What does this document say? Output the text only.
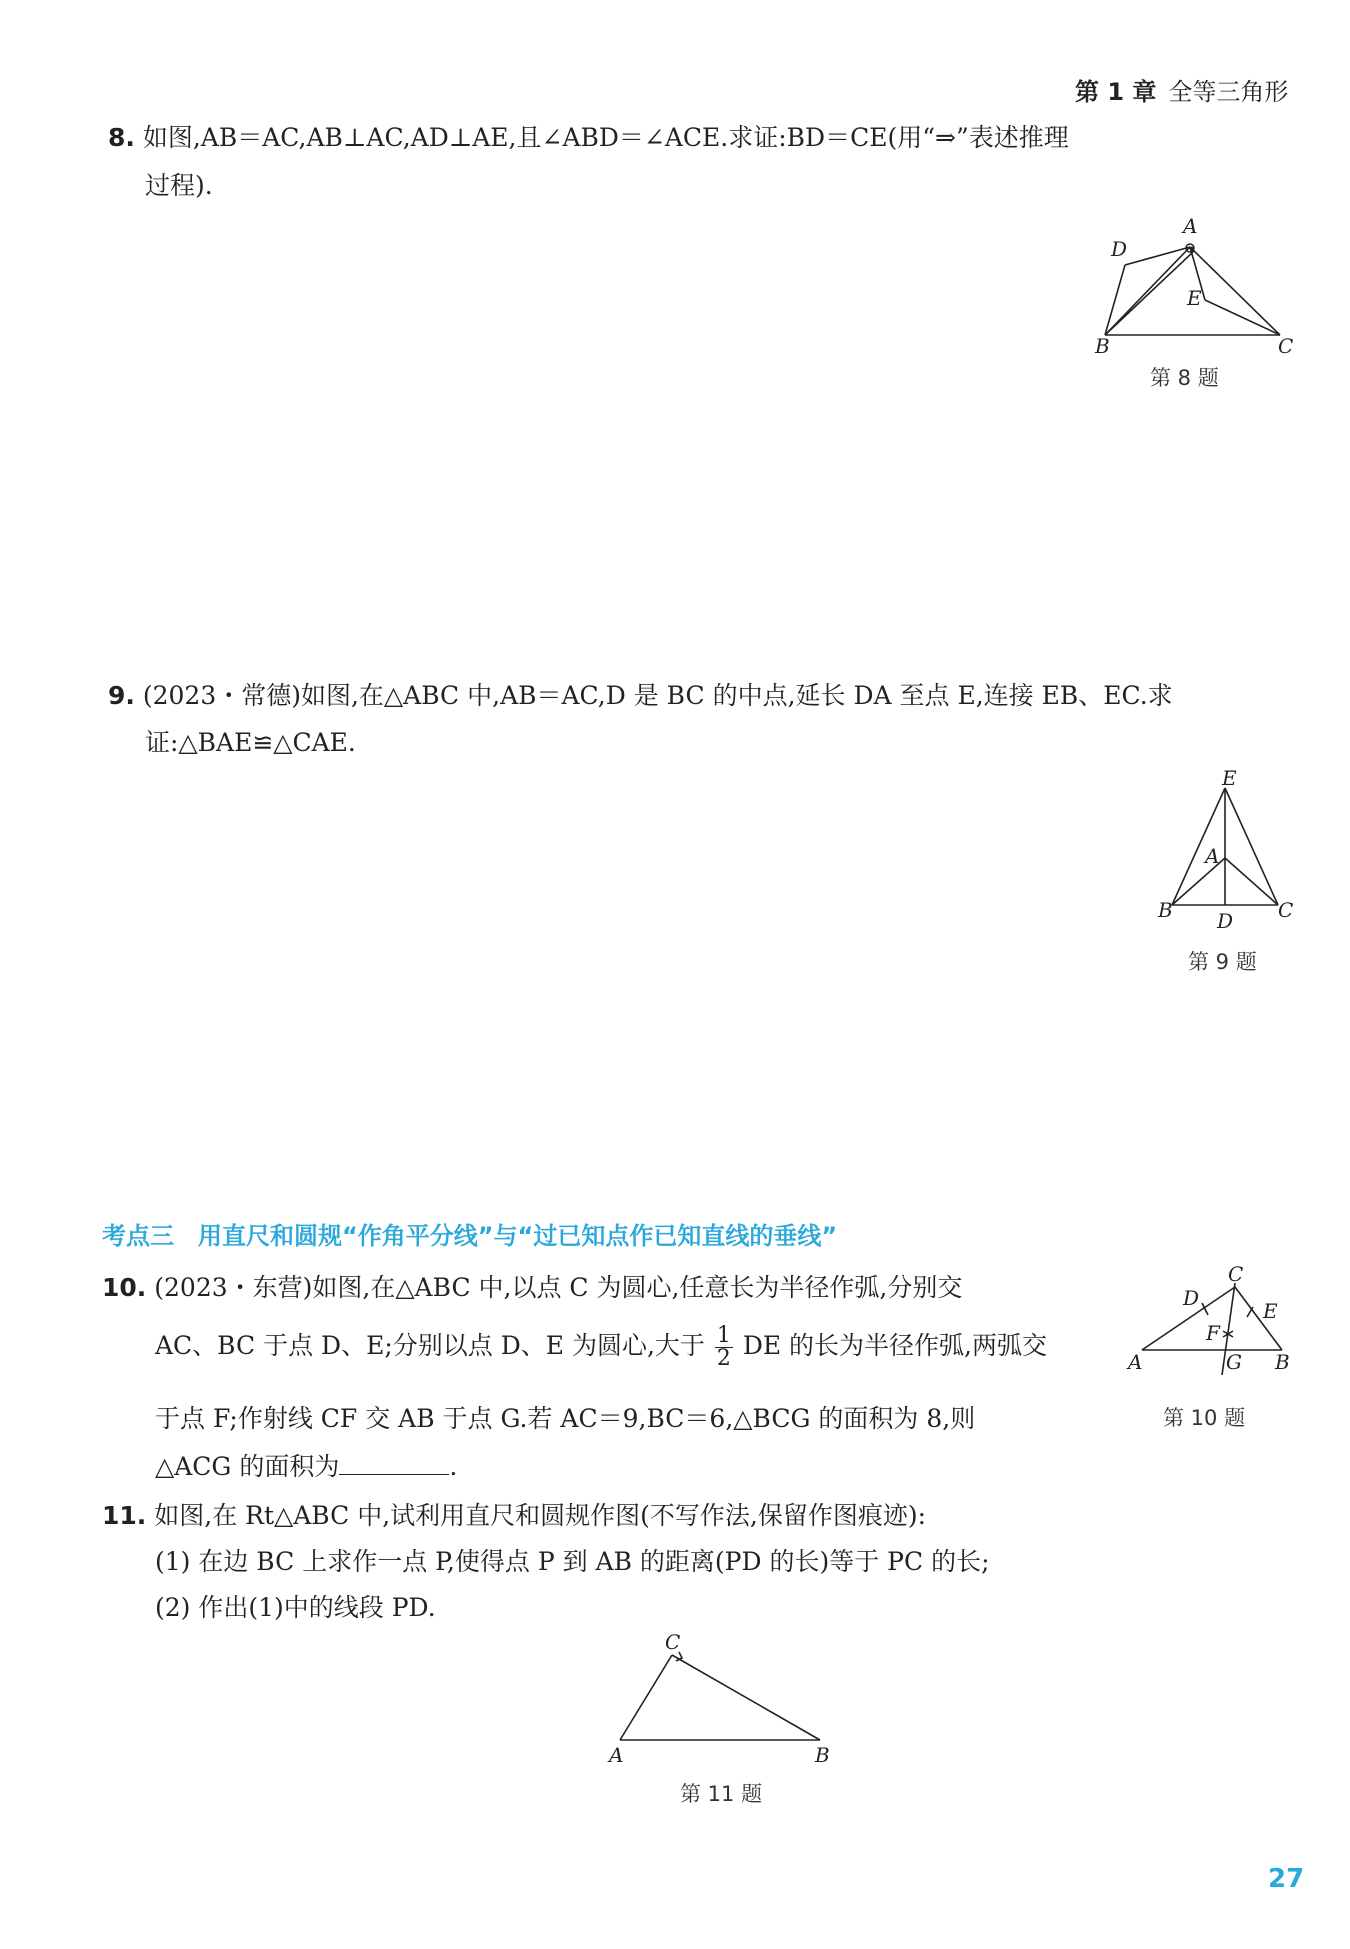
第 1 章 全等三角形
8. 如图,AB＝AC,AB⊥AC,AD⊥AE,且∠ABD＝∠ACE.求证:BD＝CE(用“⇒”表述推理
过程).
A
B	C
D
E
第 8 题
9. (2023・常德)如图,在△ABC 中,AB＝AC,D 是 BC 的中点,延长 DA 至点 E,连接 EB、EC.求
证:△BAE≌△CAE.
E
A
B	C
D
第 9 题
考点三　用直尺和圆规“作角平分线”与“过已知点作已知直线的垂线”
10. (2023・东营)如图,在△ABC 中,以点 C 为圆心,任意长为半径作弧,分别交
AC、BC 于点 D、E;分别以点 D、E 为圆心,大于 $\frac{1}{2}$ DE 的长为半径作弧,两弧交
于点 F;作射线 CF 交 AB 于点 G.若 AC＝9,BC＝6,△BCG 的面积为 8,则
△ACG 的面积为	.
C
D
E
F
A	G B
第 10 题
11. 如图,在 Rt△ABC 中,试利用直尺和圆规作图(不写作法,保留作图痕迹):
(1) 在边 BC 上求作一点 P,使得点 P 到 AB 的距离(PD 的长)等于 PC 的长;
(2) 作出(1)中的线段 PD.
C
A	B
第 11 题
27
